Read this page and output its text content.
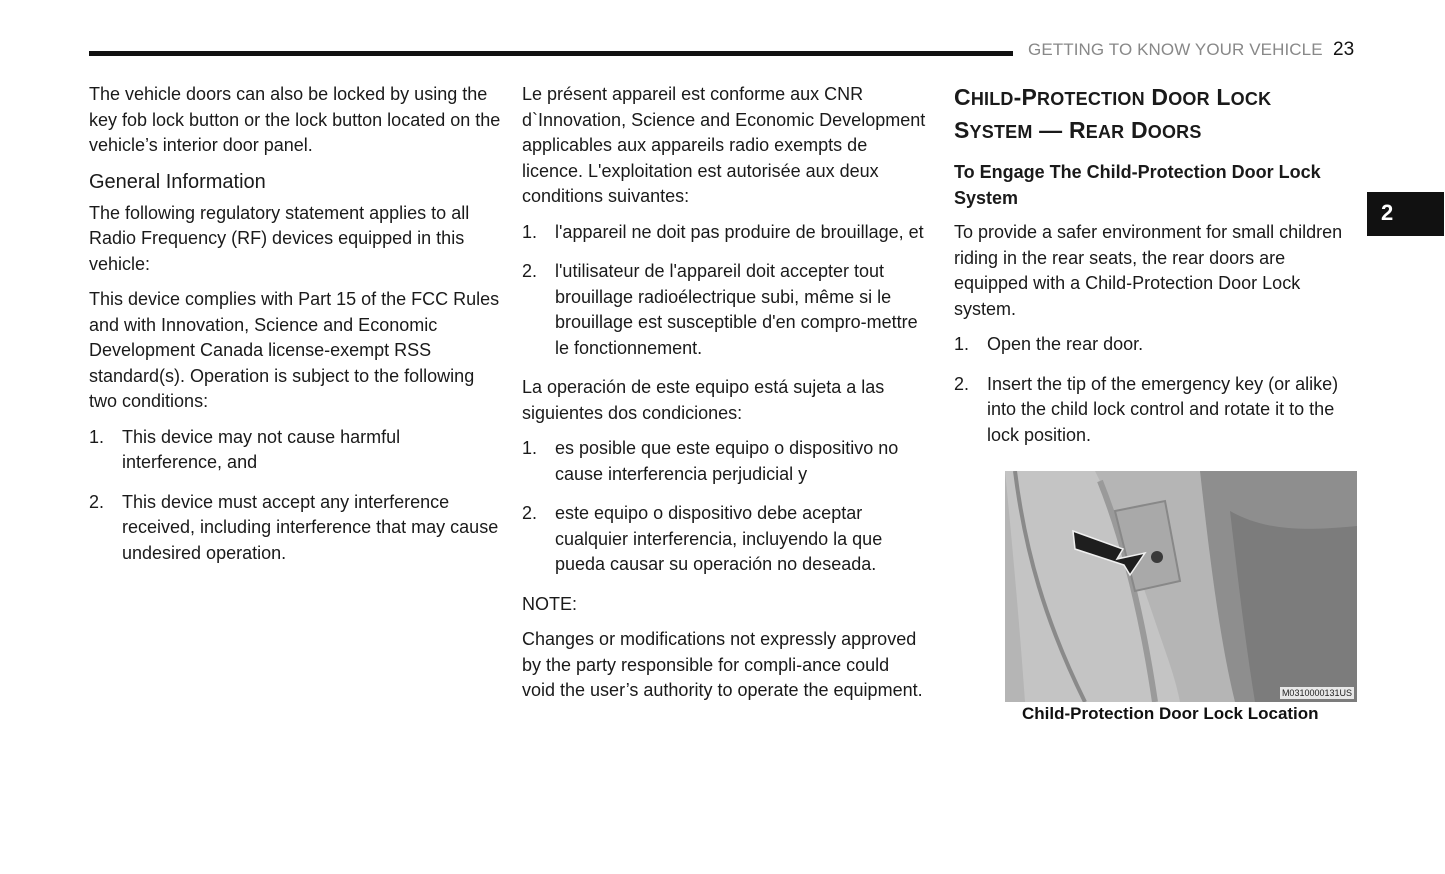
GETTING TO KNOW YOUR VEHICLE 23
2

The vehicle doors can also be locked by using the key fob lock button or the lock button located on the vehicle’s interior door panel.

General Information

The following regulatory statement applies to all Radio Frequency (RF) devices equipped in this vehicle:

This device complies with Part 15 of the FCC Rules and with Innovation, Science and Economic Development Canada license-exempt RSS standard(s). Operation is subject to the following two conditions:

1. This device may not cause harmful interference, and
2. This device must accept any interference received, including interference that may cause undesired operation.

Le présent appareil est conforme aux CNR d`Innovation, Science and Economic Development applicables aux appareils radio exempts de licence. L'exploitation est autorisée aux deux conditions suivantes:

1. l'appareil ne doit pas produire de brouillage, et
2. l'utilisateur de l'appareil doit accepter tout brouillage radioélectrique subi, même si le brouillage est susceptible d'en compro-mettre le fonctionnement.

La operación de este equipo está sujeta a las siguientes dos condiciones:

1. es posible que este equipo o dispositivo no cause interferencia perjudicial y
2. este equipo o dispositivo debe aceptar cualquier interferencia, incluyendo la que pueda causar su operación no deseada.

NOTE:

Changes or modifications not expressly approved by the party responsible for compli-ance could void the user’s authority to operate the equipment.

CHILD-PROTECTION DOOR LOCK
SYSTEM — REAR DOORS
To Engage The Child-Protection Door Lock System

To provide a safer environment for small children riding in the rear seats, the rear doors are equipped with a Child-Protection Door Lock system.

1. Open the rear door.
2. Insert the tip of the emergency key (or alike) into the child lock control and rotate it to the lock position.
M0310000131US
Child-Protection Door Lock Location
